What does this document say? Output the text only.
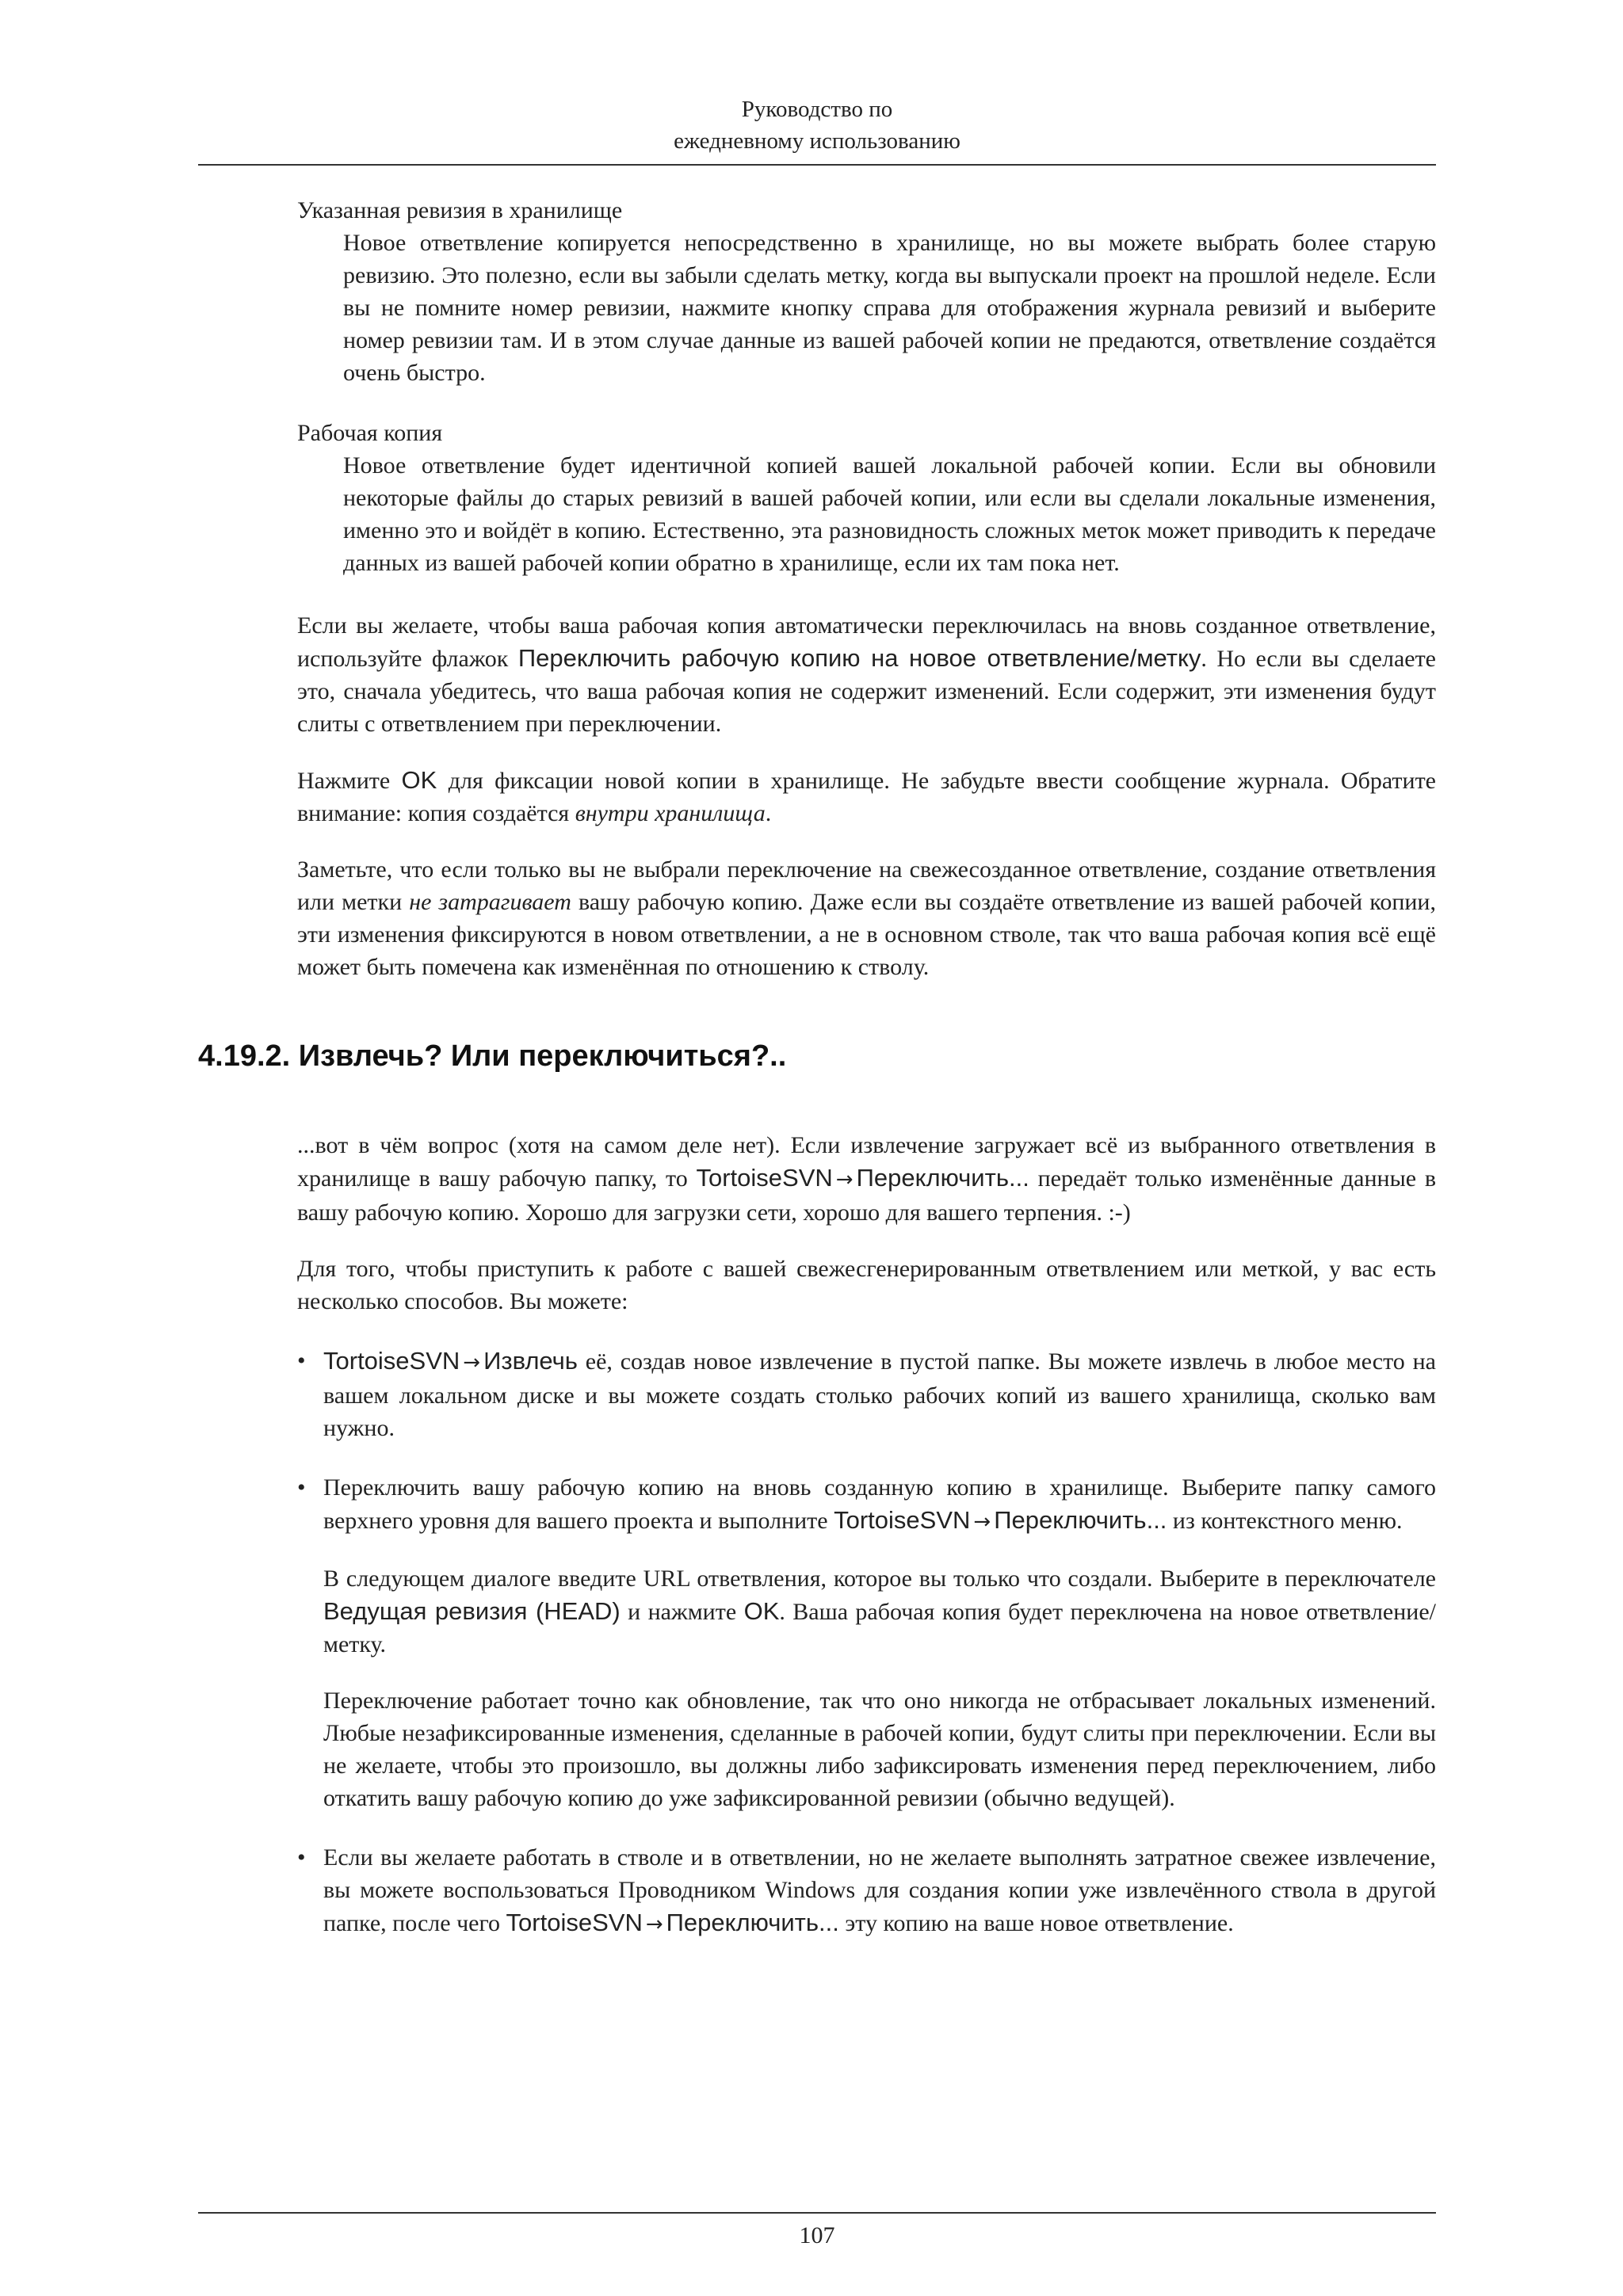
Руководство по
ежедневному использованию
Указанная ревизия в хранилище
Новое ответвление копируется непосредственно в хранилище, но вы можете выбрать более старую ревизию. Это полезно, если вы забыли сделать метку, когда вы выпускали проект на прошлой неделе. Если вы не помните номер ревизии, нажмите кнопку справа для отображения журнала ревизий и выберите номер ревизии там. И в этом случае данные из вашей рабочей копии не предаются, ответвление создаётся очень быстро.
Рабочая копия
Новое ответвление будет идентичной копией вашей локальной рабочей копии. Если вы обновили некоторые файлы до старых ревизий в вашей рабочей копии, или если вы сделали локальные изменения, именно это и войдёт в копию. Естественно, эта разновидность сложных меток может приводить к передаче данных из вашей рабочей копии обратно в хранилище, если их там пока нет.

Если вы желаете, чтобы ваша рабочая копия автоматически переключилась на вновь созданное ответвление, используйте флажок Переключить рабочую копию на новое ответвление/метку. Но если вы сделаете это, сначала убедитесь, что ваша рабочая копия не содержит изменений. Если содержит, эти изменения будут слиты с ответвлением при переключении.

Нажмите OK для фиксации новой копии в хранилище. Не забудьте ввести сообщение журнала. Обратите внимание: копия создаётся внутри хранилища.

Заметьте, что если только вы не выбрали переключение на свежесозданное ответвление, создание ответвления или метки не затрагивает вашу рабочую копию. Даже если вы создаёте ответвление из вашей рабочей копии, эти изменения фиксируются в новом ответвлении, а не в основном стволе, так что ваша рабочая копия всё ещё может быть помечена как изменённая по отношению к стволу.

4.19.2. Извлечь? Или переключиться?..

...вот в чём вопрос (хотя на самом деле нет). Если извлечение загружает всё из выбранного ответвления в хранилище в вашу рабочую папку, то TortoiseSVN → Переключить... передаёт только изменённые данные в вашу рабочую копию. Хорошо для загрузки сети, хорошо для вашего терпения. :-)

Для того, чтобы приступить к работе с вашей свежесгенерированным ответвлением или меткой, у вас есть несколько способов. Вы можете:

• TortoiseSVN → Извлечь её, создав новое извлечение в пустой папке. Вы можете извлечь в любое место на вашем локальном диске и вы можете создать столько рабочих копий из вашего хранилища, сколько вам нужно.

• Переключить вашу рабочую копию на вновь созданную копию в хранилище. Выберите папку самого верхнего уровня для вашего проекта и выполните TortoiseSVN → Переключить... из контекстного меню.

В следующем диалоге введите URL ответвления, которое вы только что создали. Выберите в переключателе Ведущая ревизия (HEAD) и нажмите OK. Ваша рабочая копия будет переключена на новое ответвление/метку.

Переключение работает точно как обновление, так что оно никогда не отбрасывает локальных изменений. Любые незафиксированные изменения, сделанные в рабочей копии, будут слиты при переключении. Если вы не желаете, чтобы это произошло, вы должны либо зафиксировать изменения перед переключением, либо откатить вашу рабочую копию до уже зафиксированной ревизии (обычно ведущей).

• Если вы желаете работать в стволе и в ответвлении, но не желаете выполнять затратное свежее извлечение, вы можете воспользоваться Проводником Windows для создания копии уже извлечённого ствола в другой папке, после чего TortoiseSVN → Переключить... эту копию на ваше новое ответвление.

107
